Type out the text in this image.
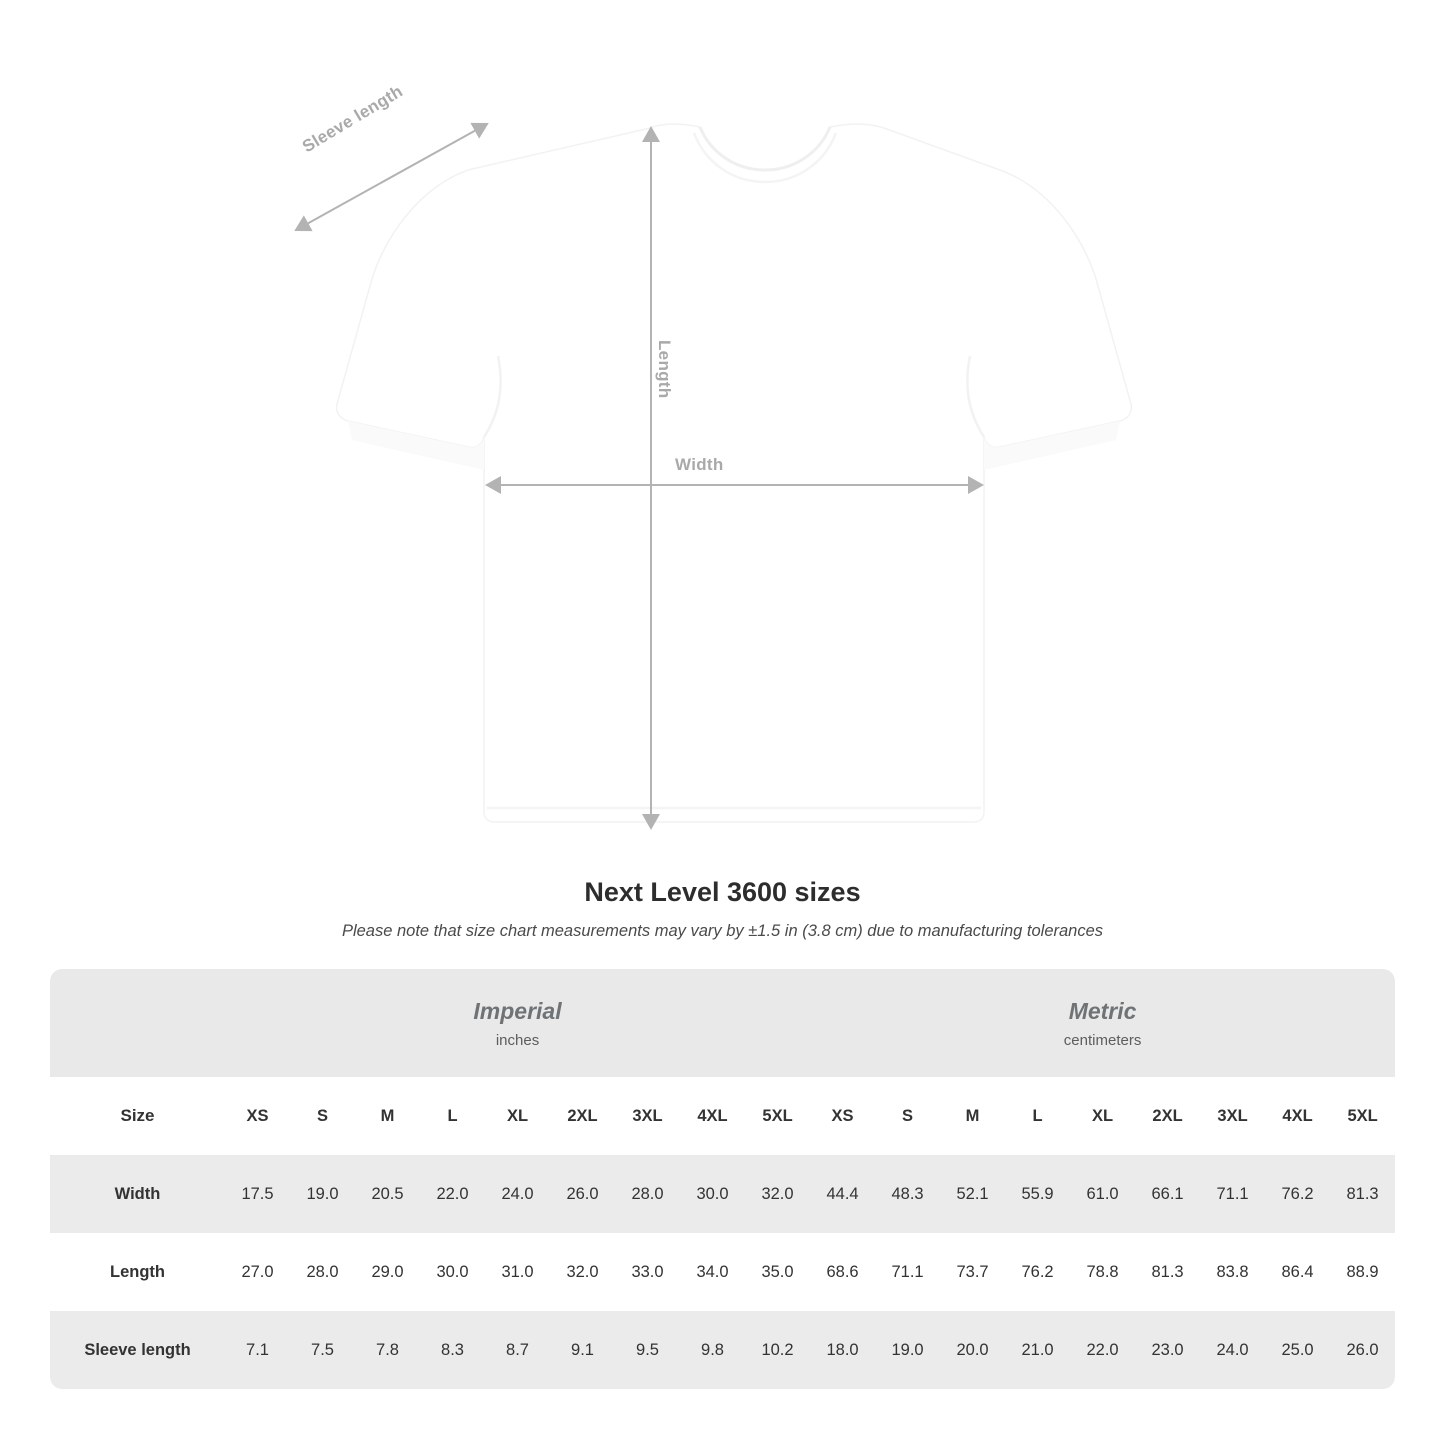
Sleeve length
Length
Width
Next Level 3600 sizes

Please note that size chart measurements may vary by ±1.5 in (3.8 cm) due to manufacturing tolerances

	Imperial
inches									Metric
centimeters								

Size	XS	S	M	L	XL	2XL	3XL	4XL	5XL	XS	S	M	L	XL	2XL	3XL	4XL	5XL
Width	17.5	19.0	20.5	22.0	24.0	26.0	28.0	30.0	32.0	44.4	48.3	52.1	55.9	61.0	66.1	71.1	76.2	81.3
Length	27.0	28.0	29.0	30.0	31.0	32.0	33.0	34.0	35.0	68.6	71.1	73.7	76.2	78.8	81.3	83.8	86.4	88.9
Sleeve length	7.1	7.5	7.8	8.3	8.7	9.1	9.5	9.8	10.2	18.0	19.0	20.0	21.0	22.0	23.0	24.0	25.0	26.0
